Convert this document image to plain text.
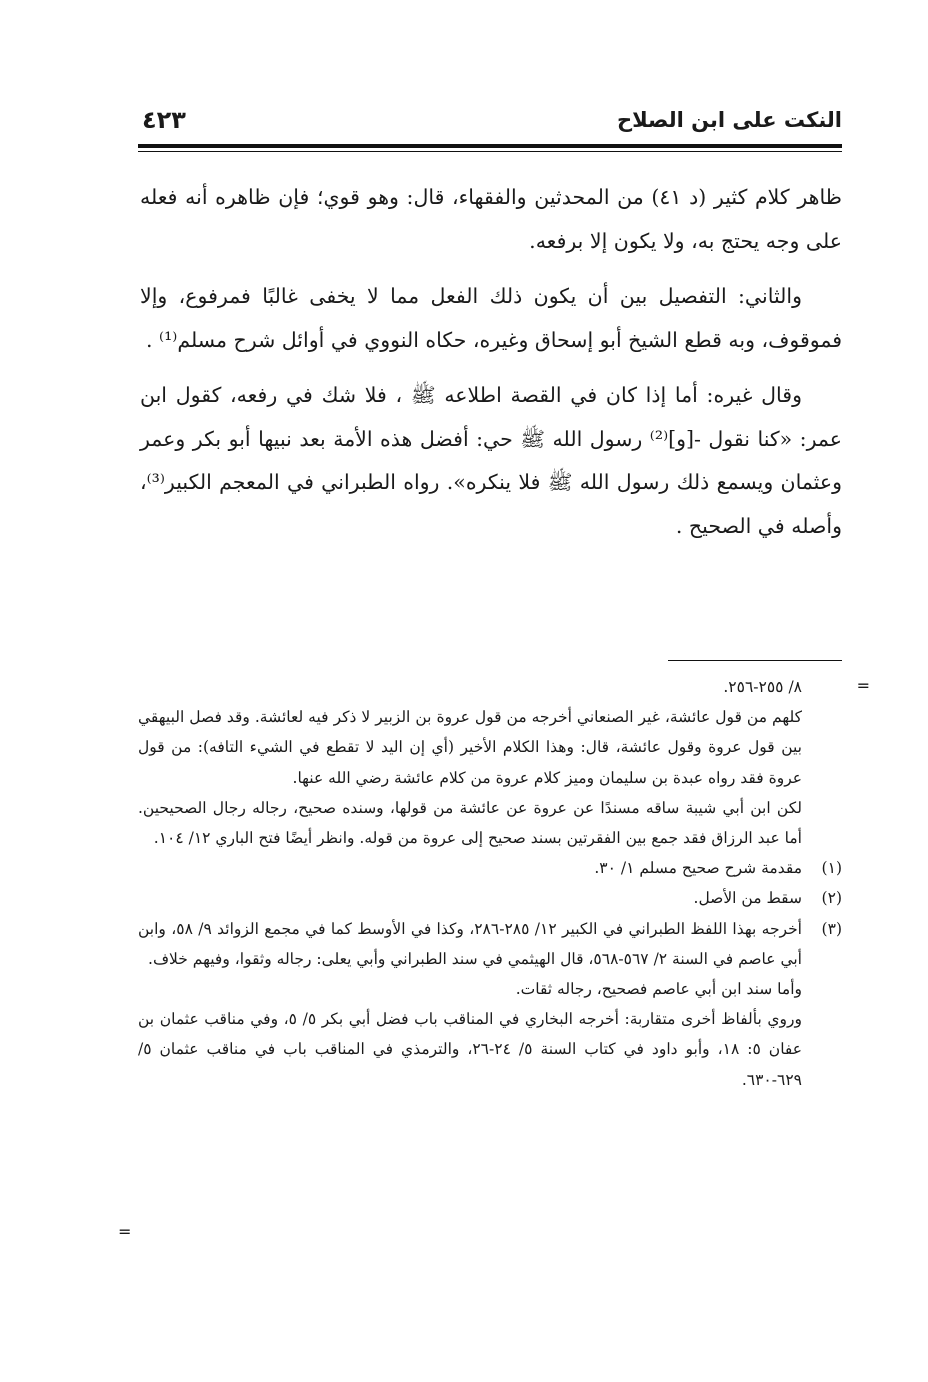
النكت على ابن الصلاح
٤٢٣

ظاهر كلام كثير (د ٤١) من المحدثين والفقهاء، قال: وهو قوي؛ فإن ظاهره أنه فعله على وجه يحتج به، ولا يكون إلا برفعه.

والثاني: التفصيل بين أن يكون ذلك الفعل مما لا يخفى غالبًا فمرفوع، وإلا فموقوف، وبه قطع الشيخ أبو إسحاق وغيره، حكاه النووي في أوائل شرح مسلم⁽¹⁾ .

وقال غيره: أما إذا كان في القصة اطلاعه ﷺ ، فلا شك في رفعه، كقول ابن عمر: «كنا نقول -[و]⁽²⁾ رسول الله ﷺ حي: أفضل هذه الأمة بعد نبيها أبو بكر وعمر وعثمان ويسمع ذلك رسول الله ﷺ فلا ينكره». رواه الطبراني في المعجم الكبير⁽³⁾، وأصله في الصحيح .

=

٨/ ٢٥٥-٢٥٦.

كلهم من قول عائشة، غير الصنعاني أخرجه من قول عروة بن الزبير لا ذكر فيه لعائشة. وقد فصل البيهقي بين قول عروة وقول عائشة، قال: وهذا الكلام الأخير (أي إن اليد لا تقطع في الشيء التافه): من قول عروة فقد رواه عبدة بن سليمان وميز كلام عروة من كلام عائشة رضي الله عنها.

لكن ابن أبي شيبة ساقه مسندًا عن عروة عن عائشة من قولها، وسنده صحيح، رجاله رجال الصحيحين. أما عبد الرزاق فقد جمع بين الفقرتين بسند صحيح إلى عروة من قوله. وانظر أيضًا فتح الباري ١٢/ ١٠٤.

(١)
مقدمة شرح صحيح مسلم ١/ ٣٠.

(٢)
سقط من الأصل.

(٣)
أخرجه بهذا اللفظ الطبراني في الكبير ١٢/ ٢٨٥-٢٨٦، وكذا في الأوسط كما في مجمع الزوائد ٩/ ٥٨، وابن أبي عاصم في السنة ٢/ ٥٦٧-٥٦٨، قال الهيثمي في سند الطبراني وأبي يعلى: رجاله وثقوا، وفيهم خلاف.

وأما سند ابن أبي عاصم فصحيح، رجاله ثقات.

وروي بألفاظ أخرى متقاربة: أخرجه البخاري في المناقب باب فضل أبي بكر ٥/ ٥، وفي مناقب عثمان بن عفان ٥: ١٨، وأبو داود في كتاب السنة ٥/ ٢٤-٢٦، والترمذي في المناقب باب في مناقب عثمان ٥/ ٦٢٩-٦٣٠.

=
